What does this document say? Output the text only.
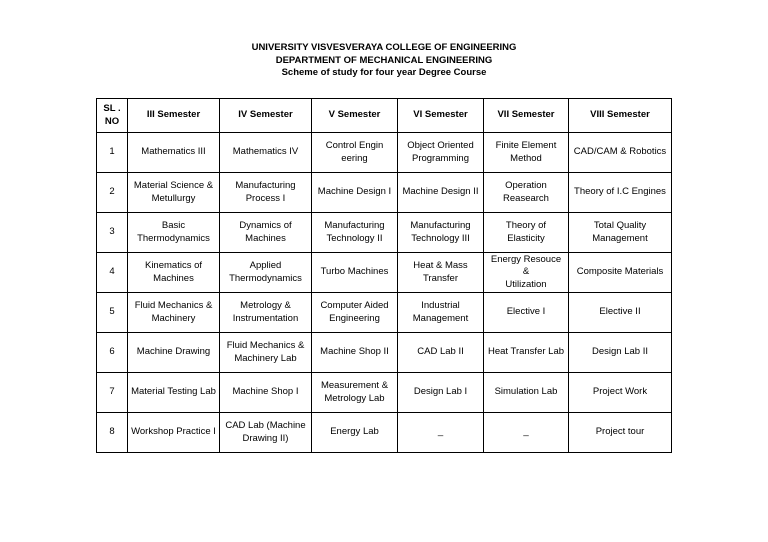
UNIVERSITY VISVESVERAYA COLLEGE OF ENGINEERING
DEPARTMENT OF MECHANICAL ENGINEERING
Scheme of study for four year Degree Course
SL .
NO	III Semester	IV Semester	V Semester	VI Semester	VII Semester	VIII Semester
1	Mathematics III	Mathematics IV	Control Engin
eering	Object Oriented
Programming	Finite Element
Method	CAD/CAM & Robotics
2	Material Science &
Metullurgy	Manufacturing
Process I	Machine Design I	Machine Design II	Operation
Reasearch	Theory of I.C Engines
3	Basic
Thermodynamics	Dynamics of
Machines	Manufacturing
Technology II	Manufacturing
Technology III	Theory of
Elasticity	Total Quality
Management
4	Kinematics of
Machines	Applied
Thermodynamics	Turbo Machines	Heat & Mass
Transfer	Energy Resouce &
Utilization	Composite Materials
5	Fluid Mechanics &
Machinery	Metrology &
Instrumentation	Computer Aided
Engineering	Industrial
Management	Elective I	Elective II
6	Machine Drawing	Fluid Mechanics &
Machinery Lab	Machine Shop II	CAD Lab II	Heat Transfer Lab	Design Lab II
7	Material Testing Lab	Machine Shop I	Measurement &
Metrology Lab	Design Lab I	Simulation Lab	Project Work
8	Workshop Practice I	CAD Lab (Machine
Drawing II)	Energy Lab	_	_	Project tour
